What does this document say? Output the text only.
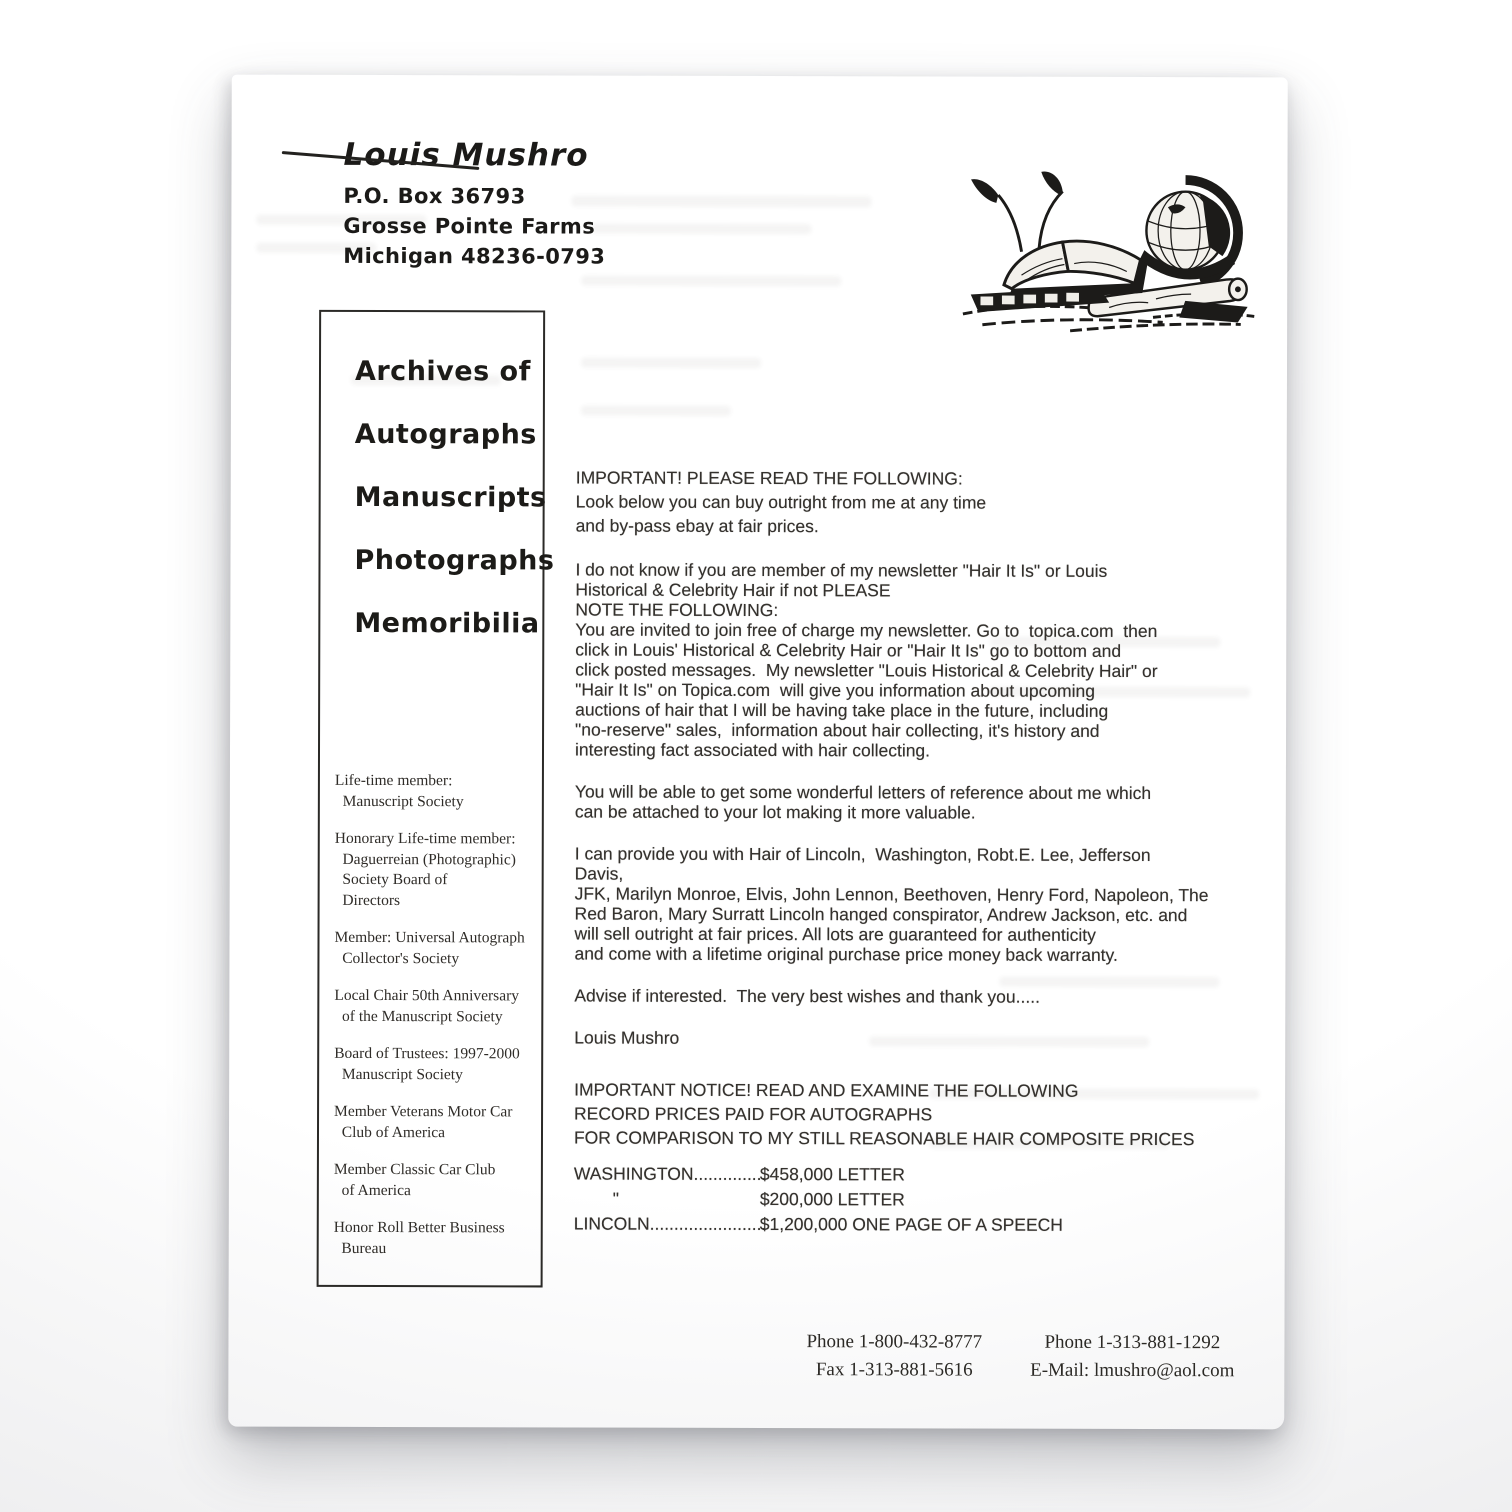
Louis Mushro
P.O. Box 36793
Grosse Pointe Farms
Michigan 48236-0793
Archives of
Autographs
Manuscripts
Photographs
Memoribilia
Life-time member:
Manuscript Society
Honorary Life-time member:
Daguerreian (Photographic)
Society Board of
Directors
Member: Universal Autograph
Collector's Society
Local Chair 50th Anniversary
of the Manuscript Society
Board of Trustees: 1997-2000
Manuscript Society
Member Veterans Motor Car
Club of America
Member Classic Car Club
of America
Honor Roll Better Business
Bureau

IMPORTANT! PLEASE READ THE FOLLOWING:
Look below you can buy outright from me at any time
and by-pass ebay at fair prices.

I do not know if you are member of my newsletter "Hair It Is" or Louis
Historical & Celebrity Hair if not PLEASE
NOTE THE FOLLOWING:
You are invited to join free of charge my newsletter. Go to  topica.com  then
click in Louis' Historical & Celebrity Hair or "Hair It Is" go to bottom and
click posted messages.  My newsletter "Louis Historical & Celebrity Hair" or
"Hair It Is" on Topica.com  will give you information about upcoming
auctions of hair that I will be having take place in the future, including
"no-reserve" sales,  information about hair collecting, it's history and
interesting fact associated with hair collecting.

You will be able to get some wonderful letters of reference about me which
can be attached to your lot making it more valuable.

I can provide you with Hair of Lincoln,  Washington, Robt.E. Lee, Jefferson
Davis,
JFK, Marilyn Monroe, Elvis, John Lennon, Beethoven, Henry Ford, Napoleon, The
Red Baron, Mary Surratt Lincoln hanged conspirator, Andrew Jackson, etc. and
will sell outright at fair prices. All lots are guaranteed for authenticity
and come with a lifetime original purchase price money back warranty.

Advise if interested.  The very best wishes and thank you.....

Louis Mushro
IMPORTANT NOTICE! READ AND EXAMINE THE FOLLOWING
RECORD PRICES PAID FOR AUTOGRAPHS
FOR COMPARISON TO MY STILL REASONABLE HAIR COMPOSITE PRICES
WASHINGTON...............
$458,000 LETTER
"	$200,000 LETTER
LINCOLN........................
$1,200,000 ONE PAGE OF A SPEECH
Phone 1-800-432-8777
Fax 1-313-881-5616
Phone 1-313-881-1292
E-Mail: lmushro@aol.com
